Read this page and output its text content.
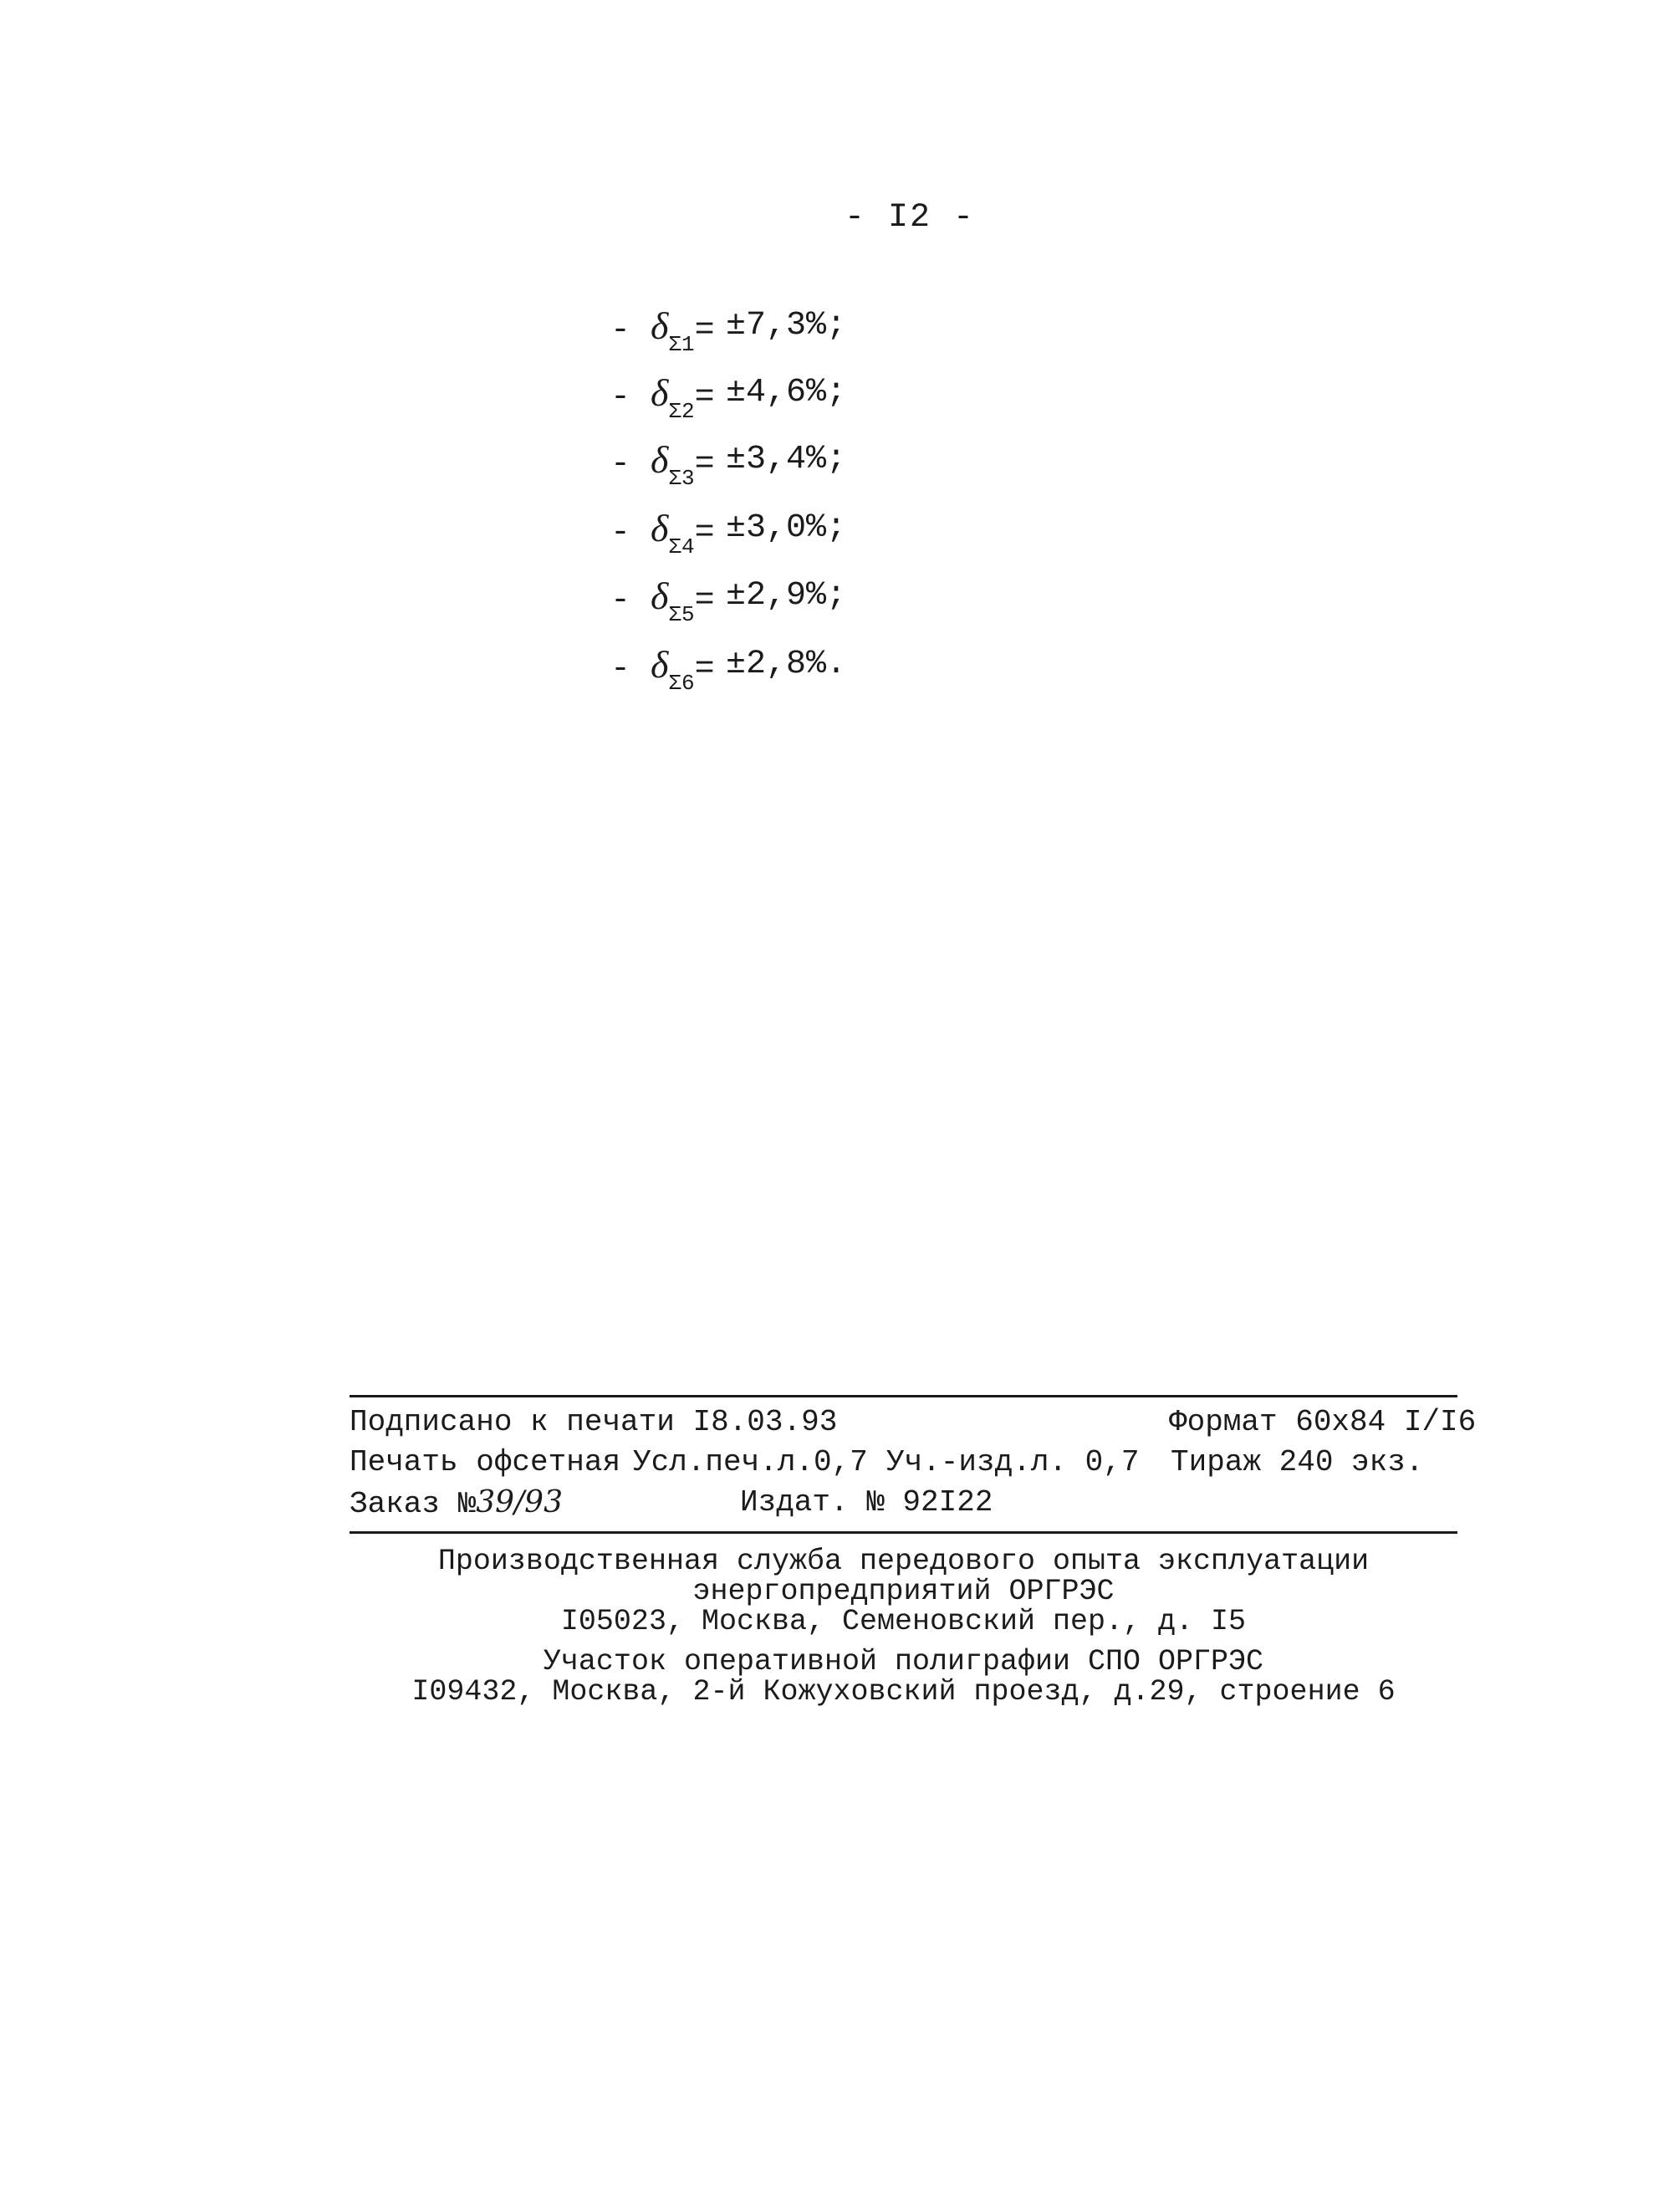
- I2 -
- $\delta_{\Sigma 1}= \pm 7,3\%$;
- $\delta_{\Sigma 2}= \pm 4,6\%$;
- $\delta_{\Sigma 3}= \pm 3,4\%$;
- $\delta_{\Sigma 4}= \pm 3,0\%$;
- $\delta_{\Sigma 5}= \pm 2,9\%$;
- $\delta_{\Sigma 6}= \pm 2,8\%$.
Подписано к печати I8.03.93	Формат 60x84 I/I6
Печать офсетная Усл.печ.л.0,7 Уч.-изд.л. 0,7 Тираж 240 экз.
Заказ №39/93	Издат. № 92I22
Производственная служба передового опыта эксплуатации
энергопредприятий ОРГРЭС
I05023, Москва, Семеновский пер., д. I5
Участок оперативной полиграфии СПО ОРГРЭС
I09432, Москва, 2-й Кожуховский проезд, д.29, строение 6
